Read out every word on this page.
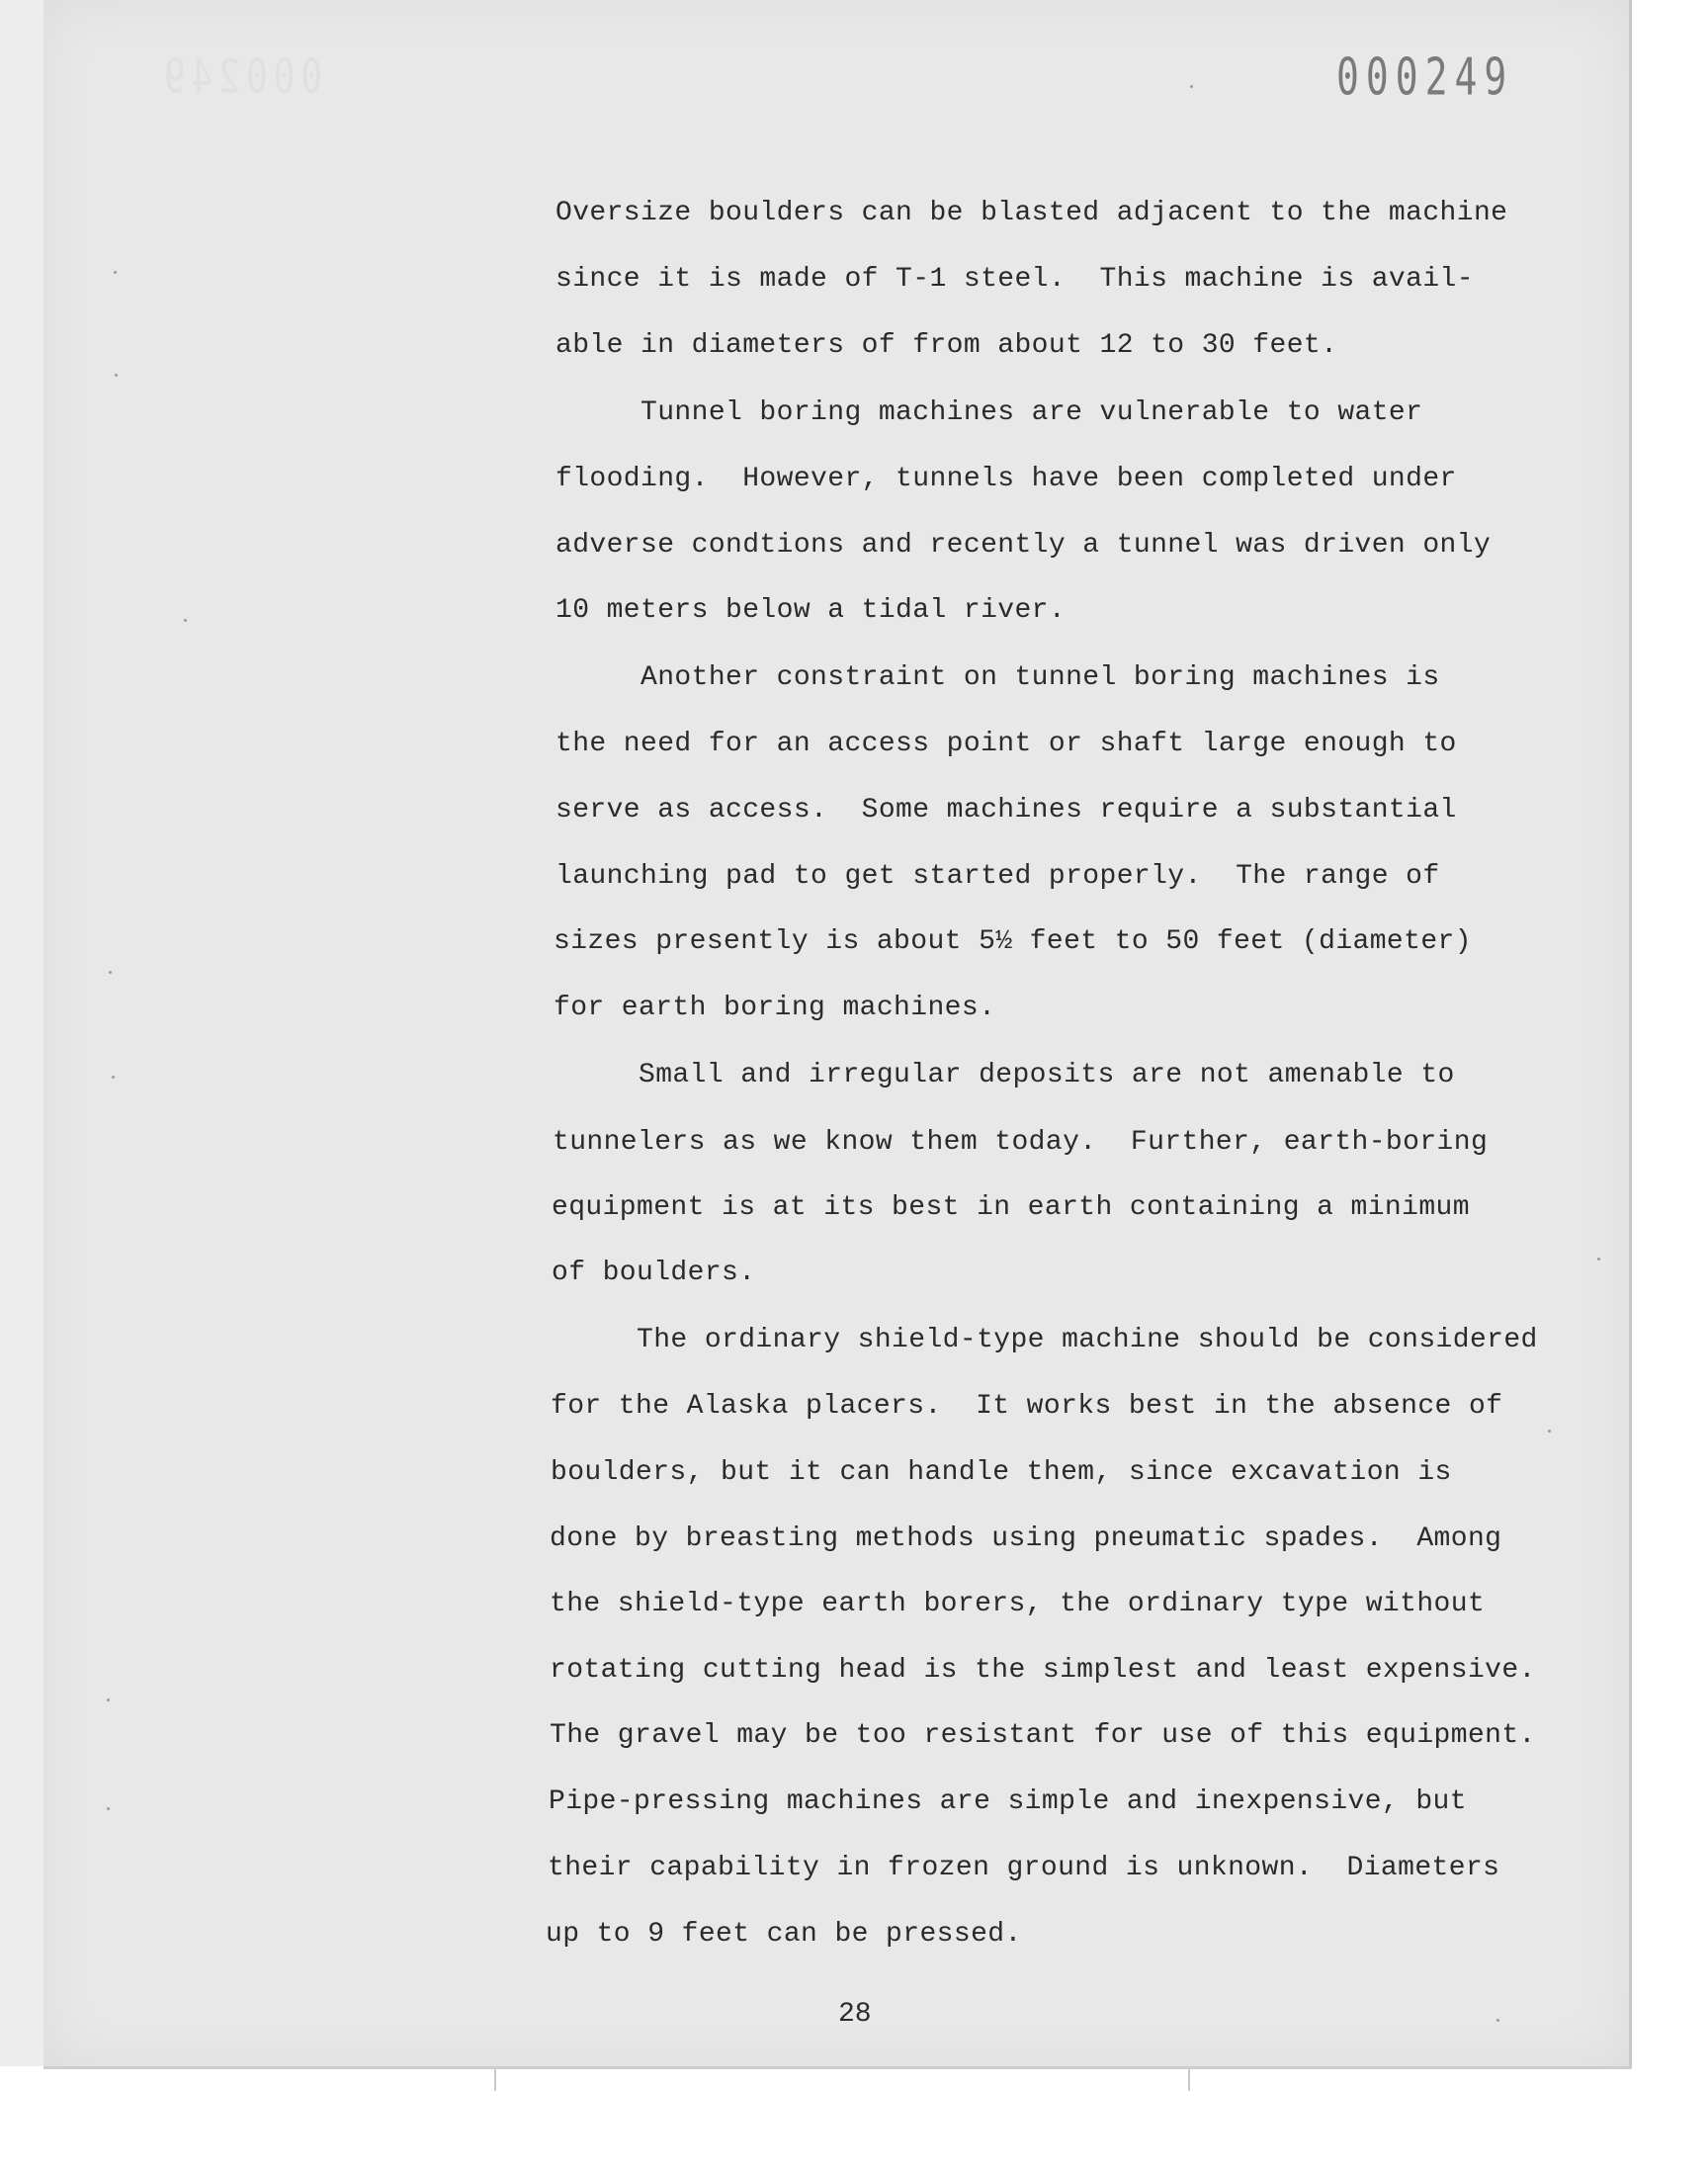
000249	000249
Oversize boulders can be blasted adjacent to the machine
since it is made of T-1 steel.  This machine is avail-
able in diameters of from about 12 to 30 feet.
Tunnel boring machines are vulnerable to water
flooding.  However, tunnels have been completed under
adverse condtions and recently a tunnel was driven only
10 meters below a tidal river.
Another constraint on tunnel boring machines is
the need for an access point or shaft large enough to
serve as access.  Some machines require a substantial
launching pad to get started properly.  The range of
sizes presently is about 5½ feet to 50 feet (diameter)
for earth boring machines.
Small and irregular deposits are not amenable to
tunnelers as we know them today.  Further, earth-boring
equipment is at its best in earth containing a minimum
of boulders.
The ordinary shield-type machine should be considered
for the Alaska placers.  It works best in the absence of
boulders, but it can handle them, since excavation is
done by breasting methods using pneumatic spades.  Among
the shield-type earth borers, the ordinary type without
rotating cutting head is the simplest and least expensive.
The gravel may be too resistant for use of this equipment.
Pipe-pressing machines are simple and inexpensive, but
their capability in frozen ground is unknown.  Diameters
up to 9 feet can be pressed.
28
